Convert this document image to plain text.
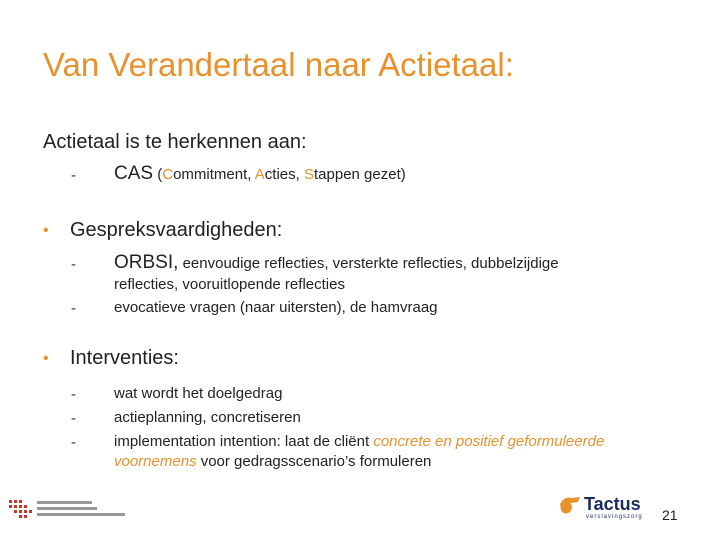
Van Verandertaal naar Actietaal:
Actietaal is te herkennen aan:
- CAS (Commitment, Acties, Stappen gezet)
• Gespreksvaardigheden:
- ORBSI, eenvoudige reflecties, versterkte reflecties, dubbelzijdige
reflecties, vooruitlopende reflecties
-	evocatieve vragen (naar uitersten), de hamvraag
• Interventies:
-	wat wordt het doelgedrag
-	actieplanning, concretiseren
-	implementation intention: laat de cliënt concrete en positief geformuleerde
voornemens voor gedragsscenario’s formuleren
Tactus
verslavingszorg 21
